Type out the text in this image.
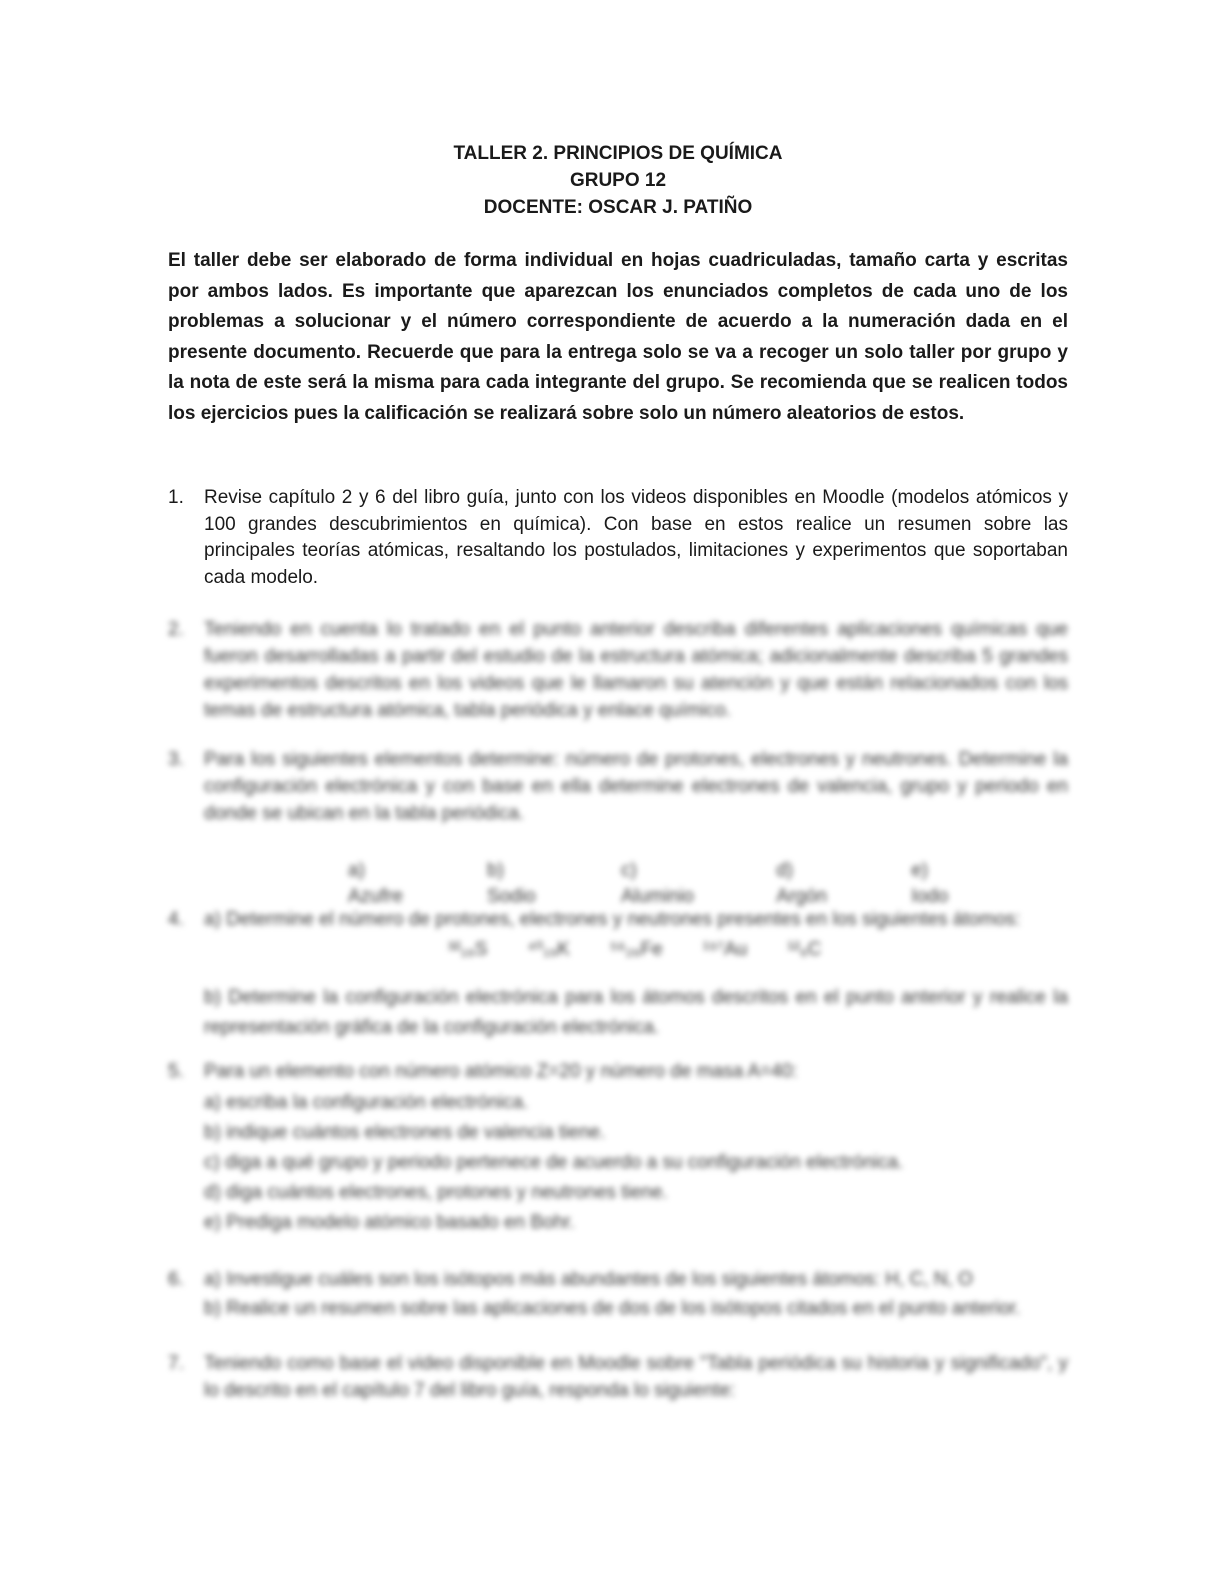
TALLER 2. PRINCIPIOS DE QUÍMICA
GRUPO 12
DOCENTE: OSCAR J. PATIÑO
El taller debe ser elaborado de forma individual en hojas cuadriculadas, tamaño carta y escritas por ambos lados. Es importante que aparezcan los enunciados completos de cada uno de los problemas a solucionar y el número correspondiente de acuerdo a la numeración dada en el presente documento. Recuerde que para la entrega solo se va a recoger un solo taller por grupo y la nota de este será la misma para cada integrante del grupo. Se recomienda que se realicen todos los ejercicios pues la calificación se realizará sobre solo un número aleatorios de estos.
1. Revise capítulo 2 y 6 del libro guía, junto con los videos disponibles en Moodle (modelos atómicos y 100 grandes descubrimientos en química). Con base en estos realice un resumen sobre las principales teorías atómicas, resaltando los postulados, limitaciones y experimentos que soportaban cada modelo.
2. Teniendo en cuenta lo tratado en el punto anterior describa diferentes aplicaciones químicas que fueron desarrolladas a partir del estudio de la estructura atómica; adicionalmente describa 5 grandes experimentos descritos en los videos que le llamaron su atención y que están relacionados con los temas de estructura atómica, tabla periódica y enlace químico.
3. Para los siguientes elementos determine: número de protones, electrones y neutrones. Determine la configuración electrónica y con base en ella determine electrones de valencia, grupo y periodo en donde se ubican en la tabla periódica.
a) Azufre
b) Sodio
c) Aluminio
d) Argón
e) Iodo
4. a) Determine el número de protones, electrones y neutrones presentes en los siguientes átomos:
³²₁₆S ⁴⁰₁₉K ⁵⁶₂₆Fe ¹⁹⁷Au ¹²₆C
b) Determine la configuración electrónica para los átomos descritos en el punto anterior y realice la representación gráfica de la configuración electrónica.
5. Para un elemento con número atómico Z=20 y número de masa A=40:
a) escriba la configuración electrónica.
b) indique cuántos electrones de valencia tiene.
c) diga a qué grupo y periodo pertenece de acuerdo a su configuración electrónica.
d) diga cuántos electrones, protones y neutrones tiene.
e) Prediga modelo atómico basado en Bohr.
6. a) Investigue cuáles son los isótopos más abundantes de los siguientes átomos: H, C, N, O
b) Realice un resumen sobre las aplicaciones de dos de los isótopos citados en el punto anterior.
7. Teniendo como base el video disponible en Moodle sobre "Tabla periódica su historia y significado", y lo descrito en el capítulo 7 del libro guía, responda lo siguiente:
